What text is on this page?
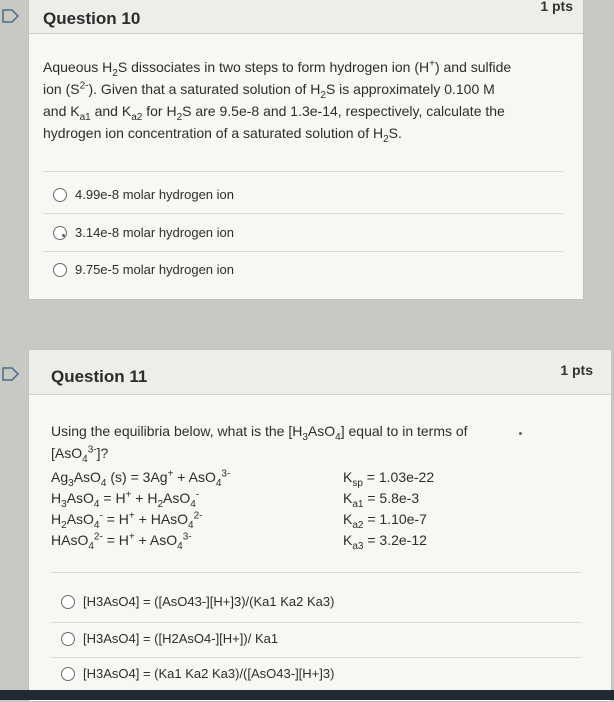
Question 10
1 pts
Aqueous $H_2S$ dissociates in two steps to form hydrogen ion (H+) and sulfide
ion $(S^{2-})$. Given that a saturated solution of $H_2S$ is approximately 0.100 M
and $K_{a1}$ and $K_{a2}$ for $H_2S$ are 9.5e-8 and 1.3e-14, respectively, calculate the
hydrogen ion concentration of a saturated solution of $H_2S$.
4.99e-8 molar hydrogen ion
3.14e-8 molar hydrogen ion
9.75e-5 molar hydrogen ion
Question 11	1 pts
Using the equilibria below, what is the $[H_3AsO_4]$ equal to in terms of
[AsO$_4^{3-}$]?
$Ag_3AsO_4$ (s) = 3Ag+ + AsO$_4^{3-}$
$H_3AsO_4 = H^+ + H_2AsO_4^-$
$H_2AsO_4^- = H^+$ + HAsO$_4^{2-}$
HAsO$_4^{2-}$ = H+ + AsO$_4^{3-}$
$K_{sp} = 1.03e-22$
$K_{a1} = 5.8e-3$
$K_{a2} = 1.10e-7$
$K_{a3} = 3.2e-12$
[H3AsO4] = ([AsO43-][H+]3)/(Ka1 Ka2 Ka3)
[H3AsO4] = ([H2AsO4-][H+])/ Ka1
[H3AsO4] = (Ka1 Ka2 Ka3)/([AsO43-][H+]3)
